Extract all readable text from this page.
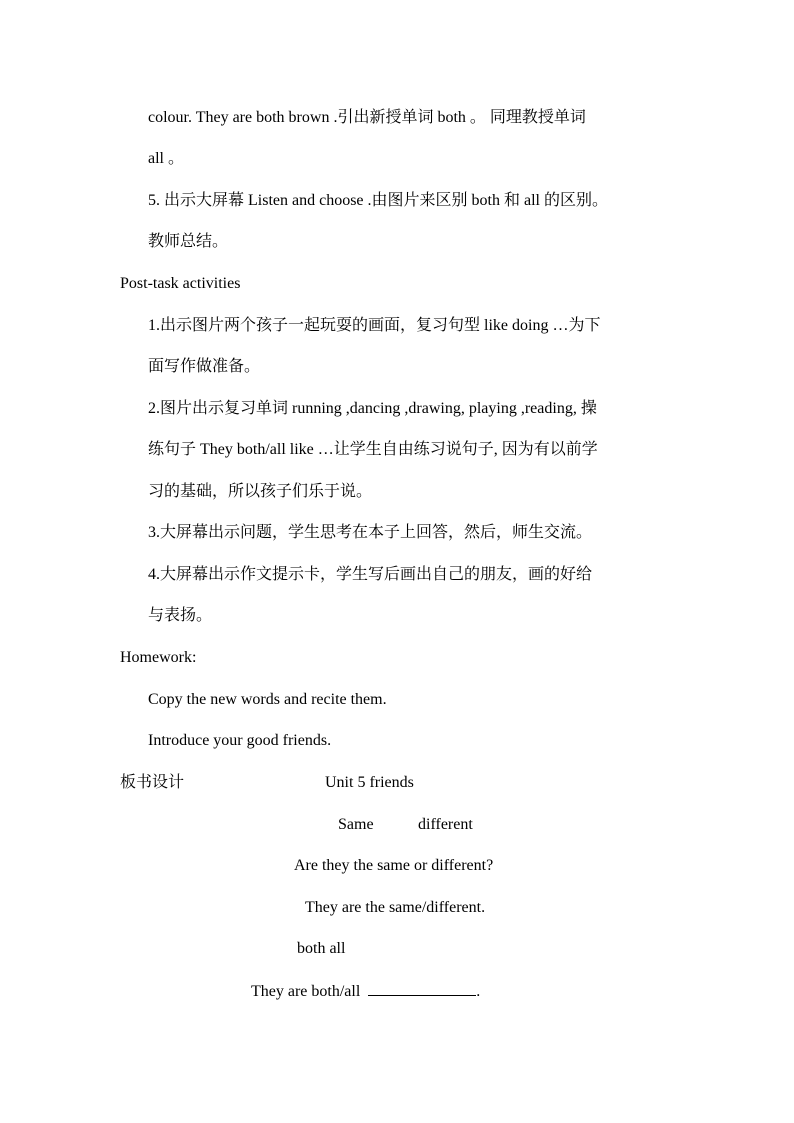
colour. They are both brown .引出新授单词 both 。 同理教授单词
all 。
5. 出示大屏幕 Listen and choose .由图片来区别 both 和 all 的区别。
教师总结。
Post-task activities
1.出示图片两个孩子一起玩耍的画面，复习句型 like doing …为下
面写作做准备。
2.图片出示复习单词 running ,dancing ,drawing, playing ,reading, 操
练句子 They both/all like …让学生自由练习说句子, 因为有以前学
习的基础，所以孩子们乐于说。
3.大屏幕出示问题，学生思考在本子上回答，然后，师生交流。
4.大屏幕出示作文提示卡，学生写后画出自己的朋友，画的好给
与表扬。
Homework:
Copy the new words and recite them.
Introduce your good friends.
板书设计	Unit 5 friends
Same	different
Are they the same or different?
They are the same/different.
both all
They are both/all	.
